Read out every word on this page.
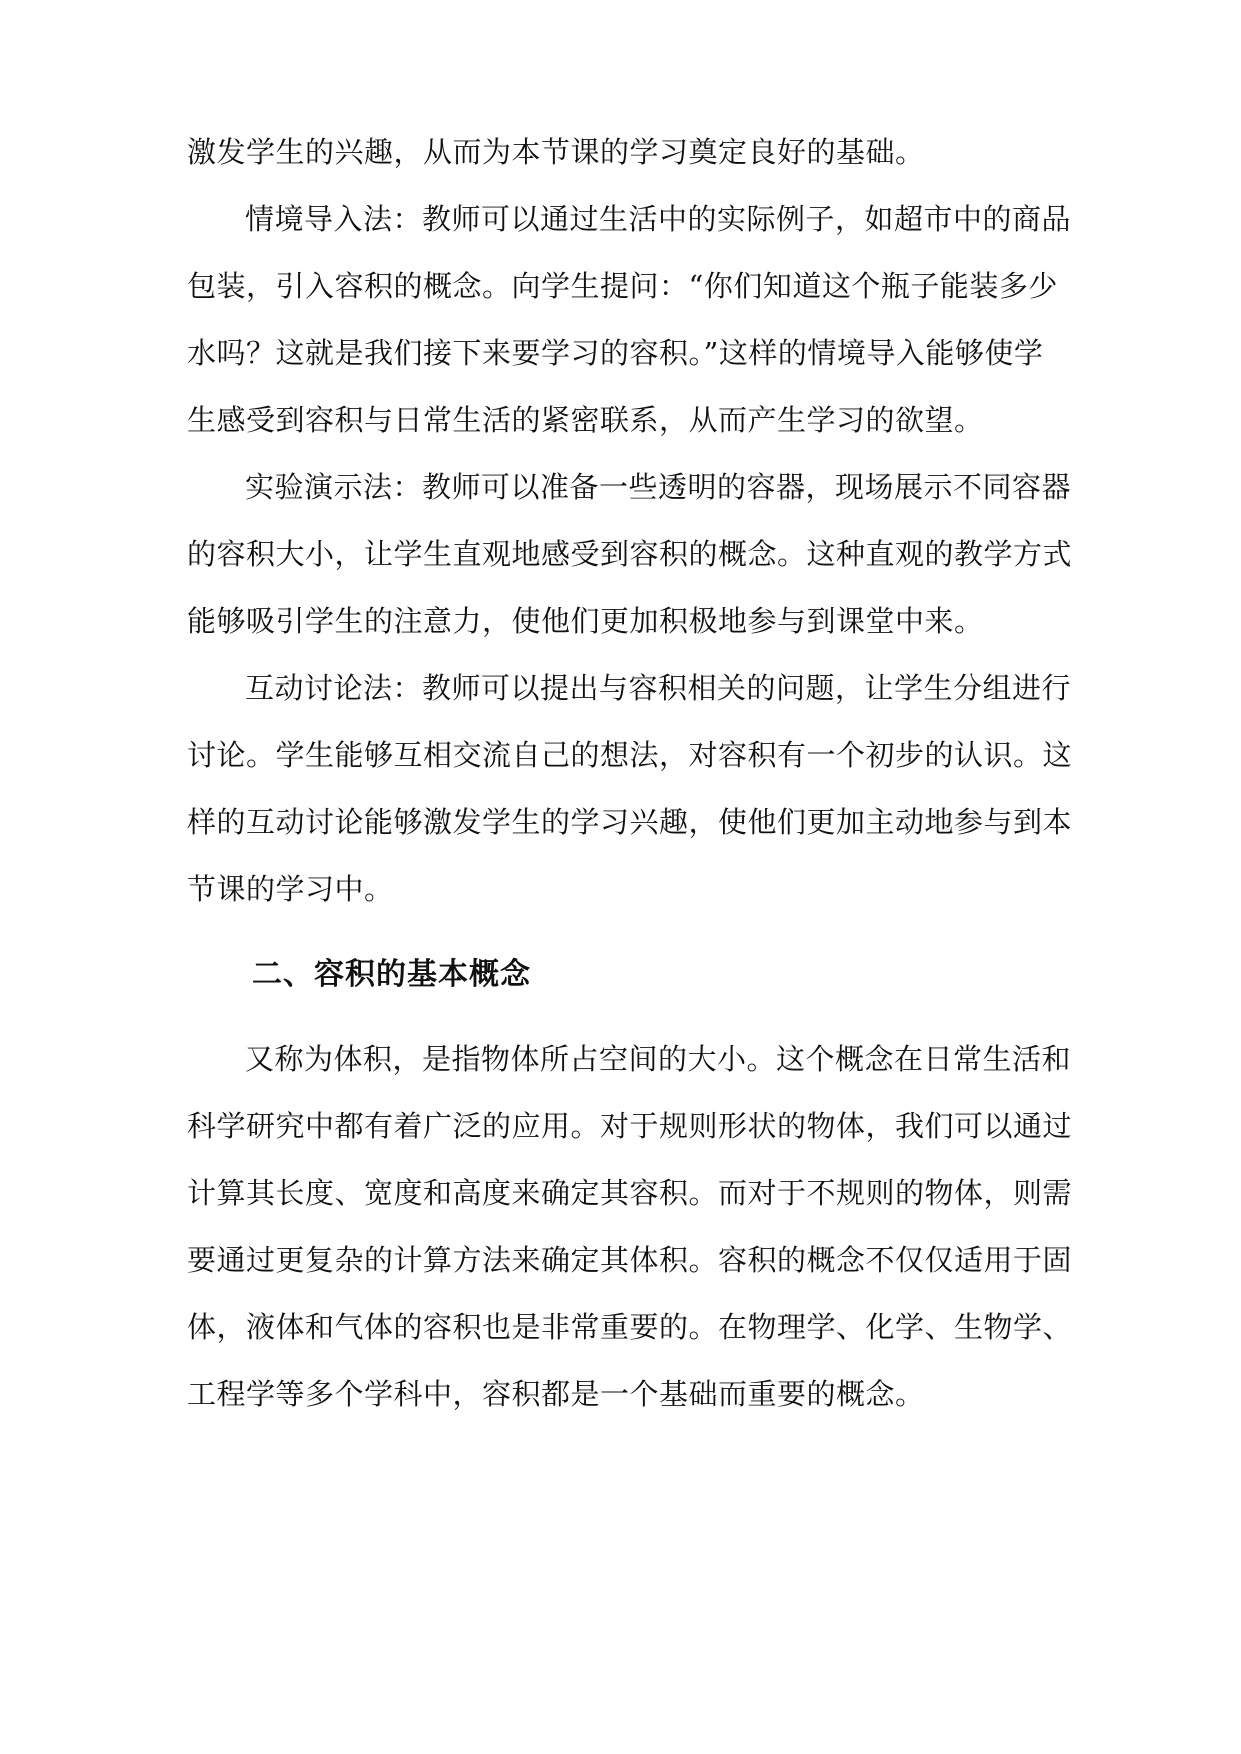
激发学生的兴趣，从而为本节课的学习奠定良好的基础。
情境导入法：教师可以通过生活中的实际例子，如超市中的商品
包装，引入容积的概念。向学生提问：“你们知道这个瓶子能装多少
水吗？这就是我们接下来要学习的容积。”这样的情境导入能够使学
生感受到容积与日常生活的紧密联系，从而产生学习的欲望。
实验演示法：教师可以准备一些透明的容器，现场展示不同容器
的容积大小，让学生直观地感受到容积的概念。这种直观的教学方式
能够吸引学生的注意力，使他们更加积极地参与到课堂中来。
互动讨论法：教师可以提出与容积相关的问题，让学生分组进行
讨论。学生能够互相交流自己的想法，对容积有一个初步的认识。这
样的互动讨论能够激发学生的学习兴趣，使他们更加主动地参与到本
节课的学习中。
二、容积的基本概念
又称为体积，是指物体所占空间的大小。这个概念在日常生活和
科学研究中都有着广泛的应用。对于规则形状的物体，我们可以通过
计算其长度、宽度和高度来确定其容积。而对于不规则的物体，则需
要通过更复杂的计算方法来确定其体积。容积的概念不仅仅适用于固
体，液体和气体的容积也是非常重要的。在物理学、化学、生物学、
工程学等多个学科中，容积都是一个基础而重要的概念。
